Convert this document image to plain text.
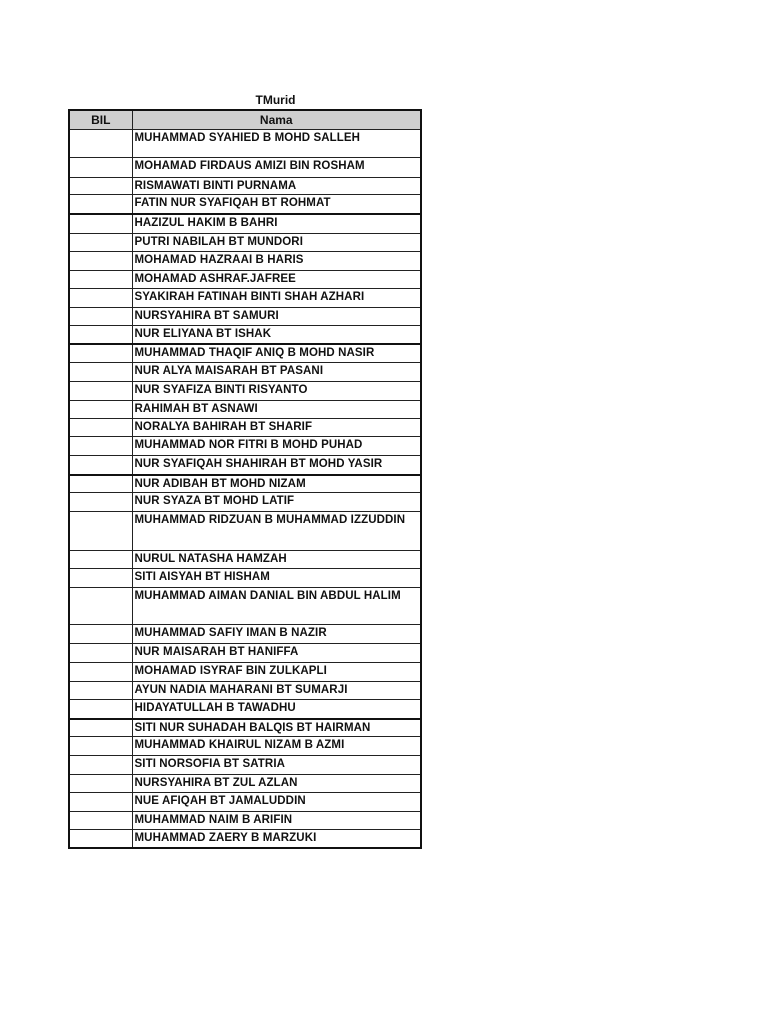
TMurid
BIL	Nama
	MUHAMMAD SYAHIED B MOHD SALLEH
	MOHAMAD FIRDAUS AMIZI BIN ROSHAM
	RISMAWATI BINTI PURNAMA
	FATIN NUR SYAFIQAH BT ROHMAT
	HAZIZUL HAKIM B BAHRI
	PUTRI NABILAH BT MUNDORI
	MOHAMAD HAZRAAI B HARIS
	MOHAMAD ASHRAF.JAFREE
	SYAKIRAH FATINAH BINTI SHAH AZHARI
	NURSYAHIRA BT SAMURI
	NUR ELIYANA BT ISHAK
	MUHAMMAD THAQIF ANIQ B MOHD NASIR
	NUR ALYA MAISARAH BT PASANI
	NUR SYAFIZA BINTI RISYANTO
	RAHIMAH BT ASNAWI
	NORALYA BAHIRAH BT SHARIF
	MUHAMMAD NOR FITRI B MOHD PUHAD
	NUR SYAFIQAH SHAHIRAH BT MOHD YASIR
	NUR ADIBAH BT MOHD NIZAM
	NUR SYAZA BT MOHD LATIF
	MUHAMMAD RIDZUAN B MUHAMMAD IZZUDDIN
	NURUL NATASHA HAMZAH
	SITI AISYAH BT HISHAM
	MUHAMMAD AIMAN DANIAL BIN ABDUL HALIM
	MUHAMMAD SAFIY IMAN B NAZIR
	NUR MAISARAH BT HANIFFA
	MOHAMAD ISYRAF BIN ZULKAPLI
	AYUN NADIA MAHARANI BT SUMARJI
	HIDAYATULLAH B TAWADHU
	SITI NUR SUHADAH BALQIS BT HAIRMAN
	MUHAMMAD KHAIRUL NIZAM B AZMI
	SITI NORSOFIA BT SATRIA
	NURSYAHIRA BT ZUL AZLAN
	NUE AFIQAH BT JAMALUDDIN
	MUHAMMAD NAIM B ARIFIN
	MUHAMMAD ZAERY B MARZUKI
